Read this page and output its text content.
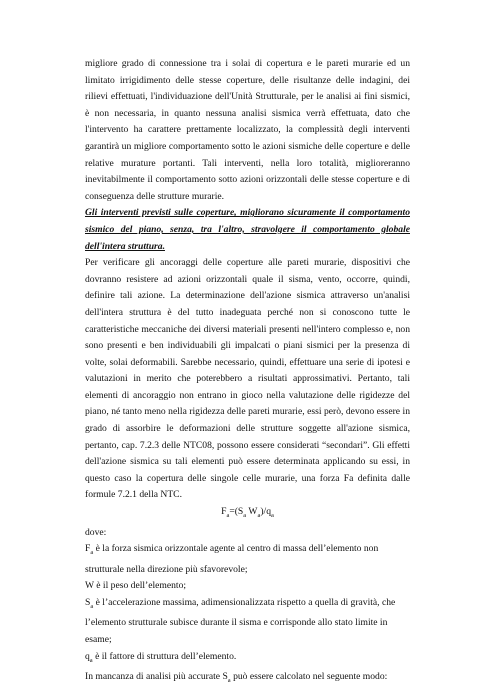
migliore grado di connessione tra i solai di copertura e le pareti murarie ed un limitato irrigidimento delle stesse coperture, delle risultanze delle indagini, dei rilievi effettuati, l'individuazione dell'Unità Strutturale, per le analisi ai fini sismici, è non necessaria, in quanto nessuna analisi sismica verrà effettuata, dato che l'intervento ha carattere prettamente localizzato, la complessità degli interventi garantirà un migliore comportamento sotto le azioni sismiche delle coperture e delle relative murature portanti. Tali interventi, nella loro totalità, miglioreranno inevitabilmente il comportamento sotto azioni orizzontali delle stesse coperture e di conseguenza delle strutture murarie.

Gli interventi previsti sulle coperture, migliorano sicuramente il comportamento sismico del piano, senza, tra l'altro, stravolgere il comportamento globale dell'intera struttura.

Per verificare gli ancoraggi delle coperture alle pareti murarie, dispositivi che dovranno resistere ad azioni orizzontali quale il sisma, vento, occorre, quindi, definire tali azione. La determinazione dell'azione sismica attraverso un'analisi dell'intera struttura è del tutto inadeguata perché non si conoscono tutte le caratteristiche meccaniche dei diversi materiali presenti nell'intero complesso e, non sono presenti e ben individuabili gli impalcati o piani sismici per la presenza di volte, solai deformabili. Sarebbe necessario, quindi, effettuare una serie di ipotesi e valutazioni in merito che poterebbero a risultati approssimativi. Pertanto, tali elementi di ancoraggio non entrano in gioco nella valutazione delle rigidezze del piano, né tanto meno nella rigidezza delle pareti murarie, essi però, devono essere in grado di assorbire le deformazioni delle strutture soggette all'azione sismica, pertanto, cap. 7.2.3 delle NTC08, possono essere considerati “secondari”. Gli effetti dell'azione sismica su tali elementi può essere determinata applicando su essi, in questo caso la copertura delle singole celle murarie, una forza Fa definita dalle formule 7.2.1 della NTC.

$F_a=(S_a$ $W_a)/q_a$

dove:

$F_a$ è la forza sismica orizzontale agente al centro di massa dell’elemento non strutturale nella direzione più sfavorevole;

W è il peso dell’elemento;

$S_a$ è l’accelerazione massima, adimensionalizzata rispetto a quella di gravità, che l’elemento strutturale subisce durante il sisma e corrisponde allo stato limite in esame;

$q_a$ è il fattore di struttura dell’elemento.

In mancanza di analisi più accurate $S_a$ può essere calcolato nel seguente modo:
